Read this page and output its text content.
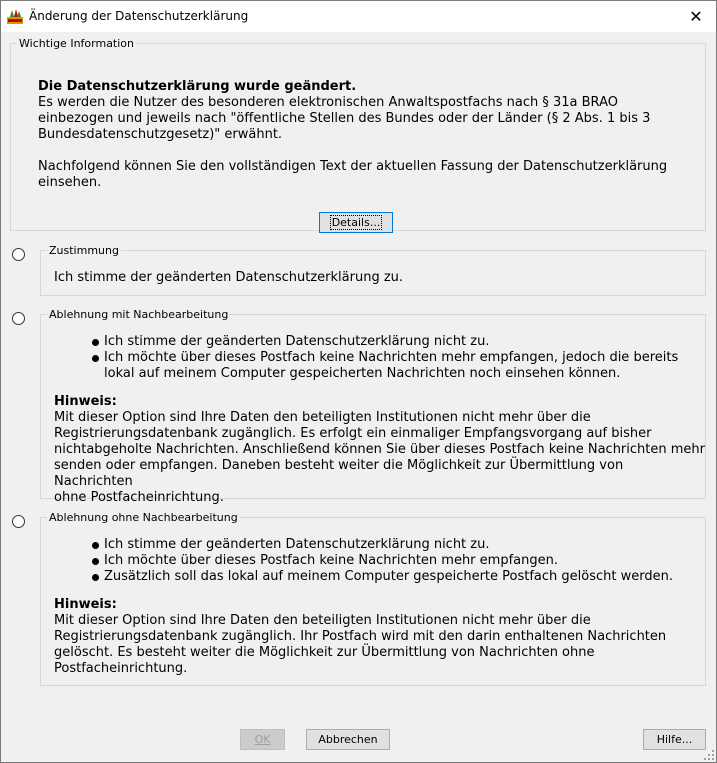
Änderung der Datenschutzerklärung	✕
Wichtige Information
Die Datenschutzerklärung wurde geändert.
Es werden die Nutzer des besonderen elektronischen Anwaltspostfachs nach § 31a BRAO
einbezogen und jeweils nach "öffentliche Stellen des Bundes oder der Länder (§ 2 Abs. 1 bis 3
Bundesdatenschutzgesetz)" erwähnt.
Nachfolgend können Sie den vollständigen Text der aktuellen Fassung der Datenschutzerklärung
einsehen.
Details...
Zustimmung
Ich stimme der geänderten Datenschutzerklärung zu.
Ablehnung mit Nachbearbeitung
Ich stimme der geänderten Datenschutzerklärung nicht zu.
Ich möchte über dieses Postfach keine Nachrichten mehr empfangen, jedoch die bereits
lokal auf meinem Computer gespeicherten Nachrichten noch einsehen können.
Hinweis:
Mit dieser Option sind Ihre Daten den beteiligten Institutionen nicht mehr über die
Registrierungsdatenbank zugänglich. Es erfolgt ein einmaliger Empfangsvorgang auf bisher
nichtabgeholte Nachrichten. Anschließend können Sie über dieses Postfach keine Nachrichten mehr
senden oder empfangen. Daneben besteht weiter die Möglichkeit zur Übermittlung von Nachrichten
ohne Postfacheinrichtung.
Ablehnung ohne Nachbearbeitung
Ich stimme der geänderten Datenschutzerklärung nicht zu.
Ich möchte über dieses Postfach keine Nachrichten mehr empfangen.
Zusätzlich soll das lokal auf meinem Computer gespeicherte Postfach gelöscht werden.
Hinweis:
Mit dieser Option sind Ihre Daten den beteiligten Institutionen nicht mehr über die
Registrierungsdatenbank zugänglich. Ihr Postfach wird mit den darin enthaltenen Nachrichten
gelöscht. Es besteht weiter die Möglichkeit zur Übermittlung von Nachrichten ohne
Postfacheinrichtung.
OK	Abbrechen	Hilfe...
